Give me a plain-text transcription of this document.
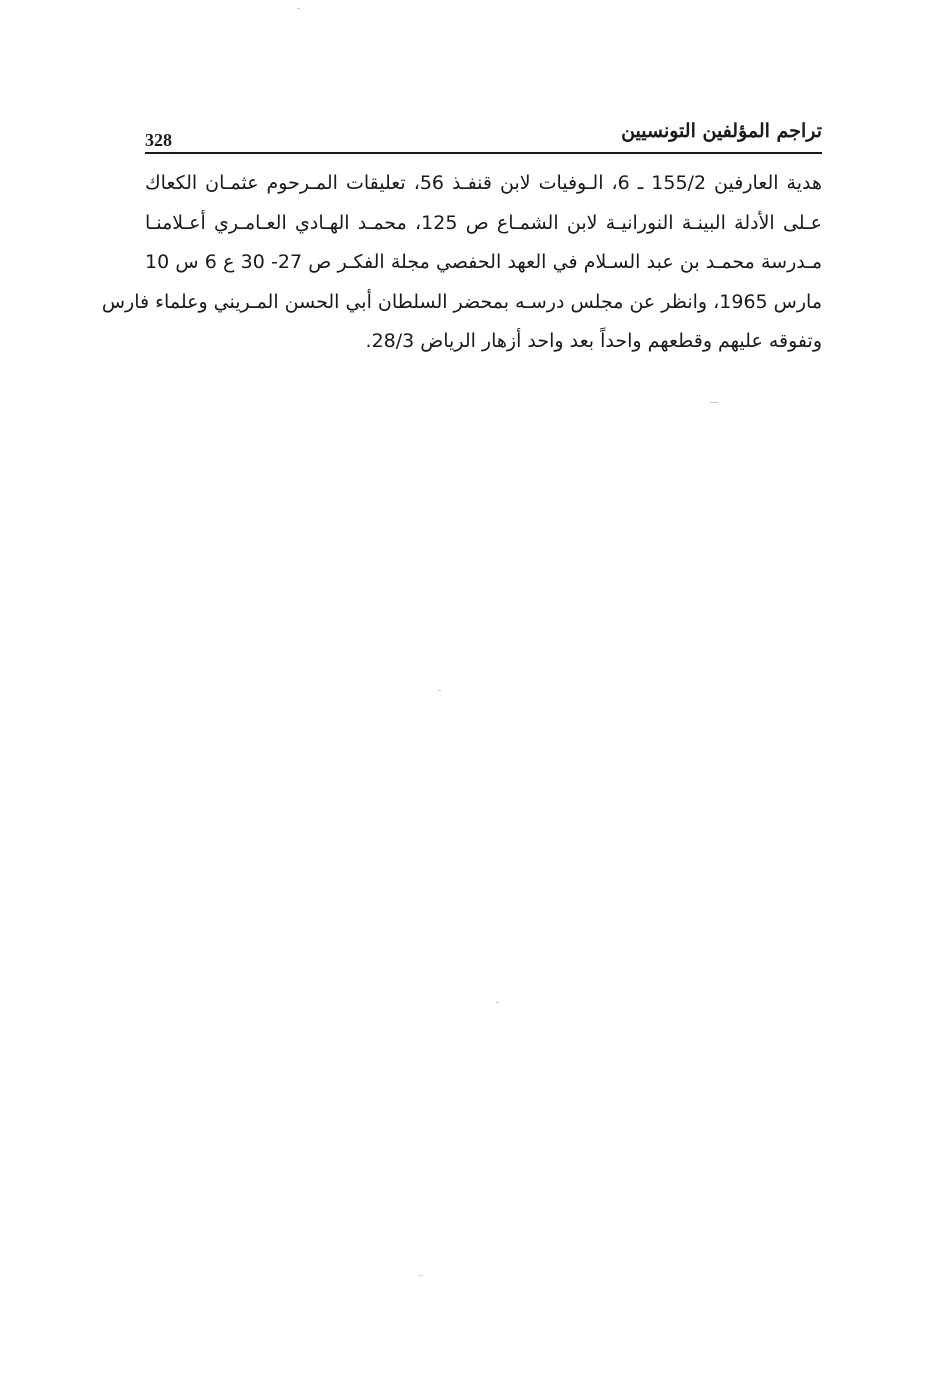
328	تراجم المؤلفين التونسيين
هدية العارفين 155/2 ـ 6، الـوفيات لابن قنفـذ 56، تعليقات المـرحوم عثمـان الكعاك
عـلى الأدلة البينـة النورانيـة لابن الشمـاع ص 125، محمـد الهـادي العـامـري أعـلامنـا
مـدرسة محمـد بن عبد السـلام في العهد الحفصي مجلة الفكـر ص 27- 30 ع 6 س 10
مارس 1965، وانظر عن مجلس درسـه بمحضر السلطان أبي الحسن المـريني وعلماء فارس
وتفوقه عليهم وقطعهم واحداً بعد واحد أزهار الرياض 28/3.
